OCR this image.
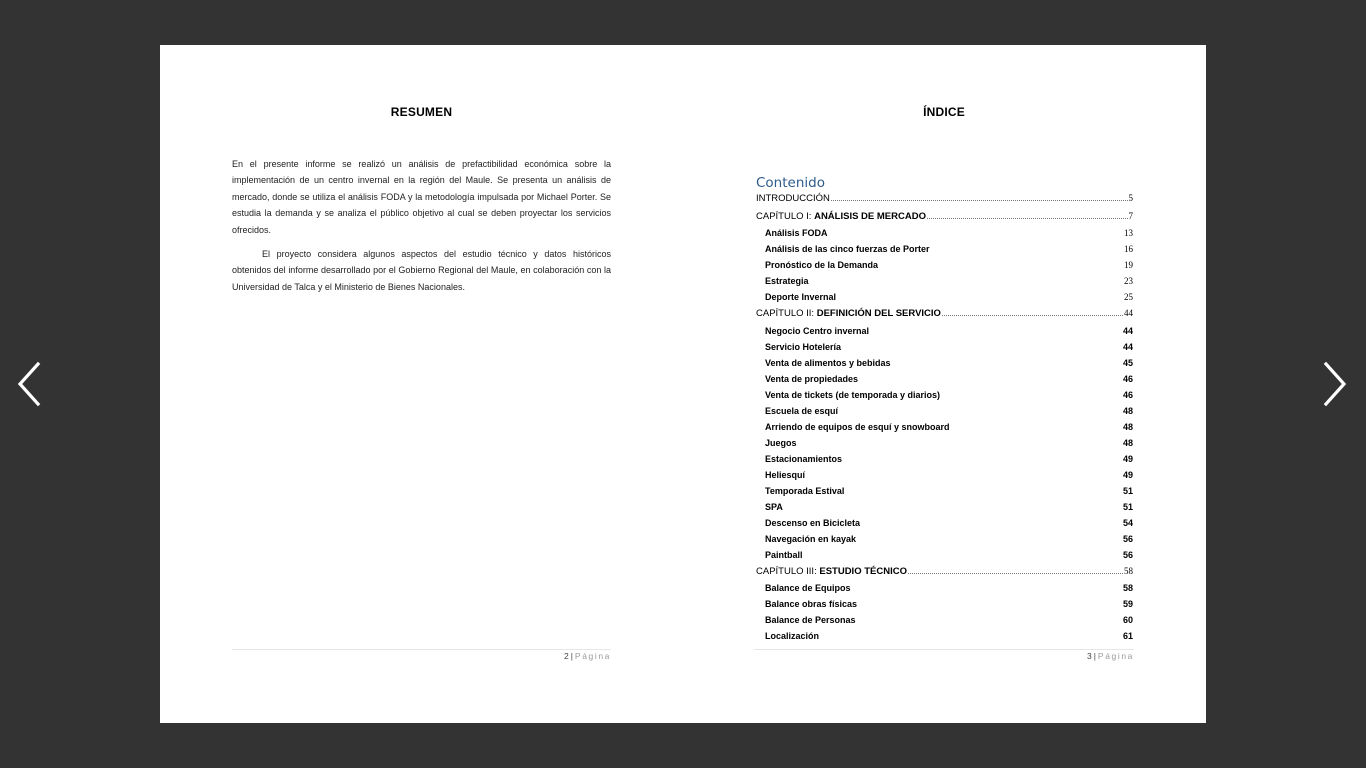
RESUMEN

En el presente informe se realizó un análisis de prefactibilidad económica sobre la implementación de un centro invernal en la región del Maule. Se presenta un análisis de mercado, donde se utiliza el análisis FODA y la metodología impulsada por Michael Porter. Se estudia la demanda y se analiza el público objetivo al cual se deben proyectar los servicios ofrecidos.

El proyecto considera algunos aspectos del estudio técnico y datos históricos obtenidos del informe desarrollado por el Gobierno Regional del Maule, en colaboración con la Universidad de Talca y el Ministerio de Bienes Nacionales.

2 | Página
ÍNDICE
Contenido
INTRODUCCIÓN	5
CAPÍTULO I: ANÁLISIS DE MERCADO	7
Análisis FODA	13
Análisis de las cinco fuerzas de Porter	16
Pronóstico de la Demanda	19
Estrategia	23
Deporte Invernal	25
CAPÍTULO II: DEFINICIÓN DEL SERVICIO	44
Negocio Centro invernal	44
Servicio Hotelería	44
Venta de alimentos y bebidas	45
Venta de propiedades	46
Venta de tickets (de temporada y diarios)	46
Escuela de esquí	48
Arriendo de equipos de esquí y snowboard	48
Juegos	48
Estacionamientos	49
Heliesquí	49
Temporada Estival	51
SPA	51
Descenso en Bicicleta	54
Navegación en kayak	56
Paintball	56
CAPÍTULO III: ESTUDIO TÉCNICO	58
Balance de Equipos	58
Balance obras físicas	59
Balance de Personas	60
Localización	61
3 | Página
